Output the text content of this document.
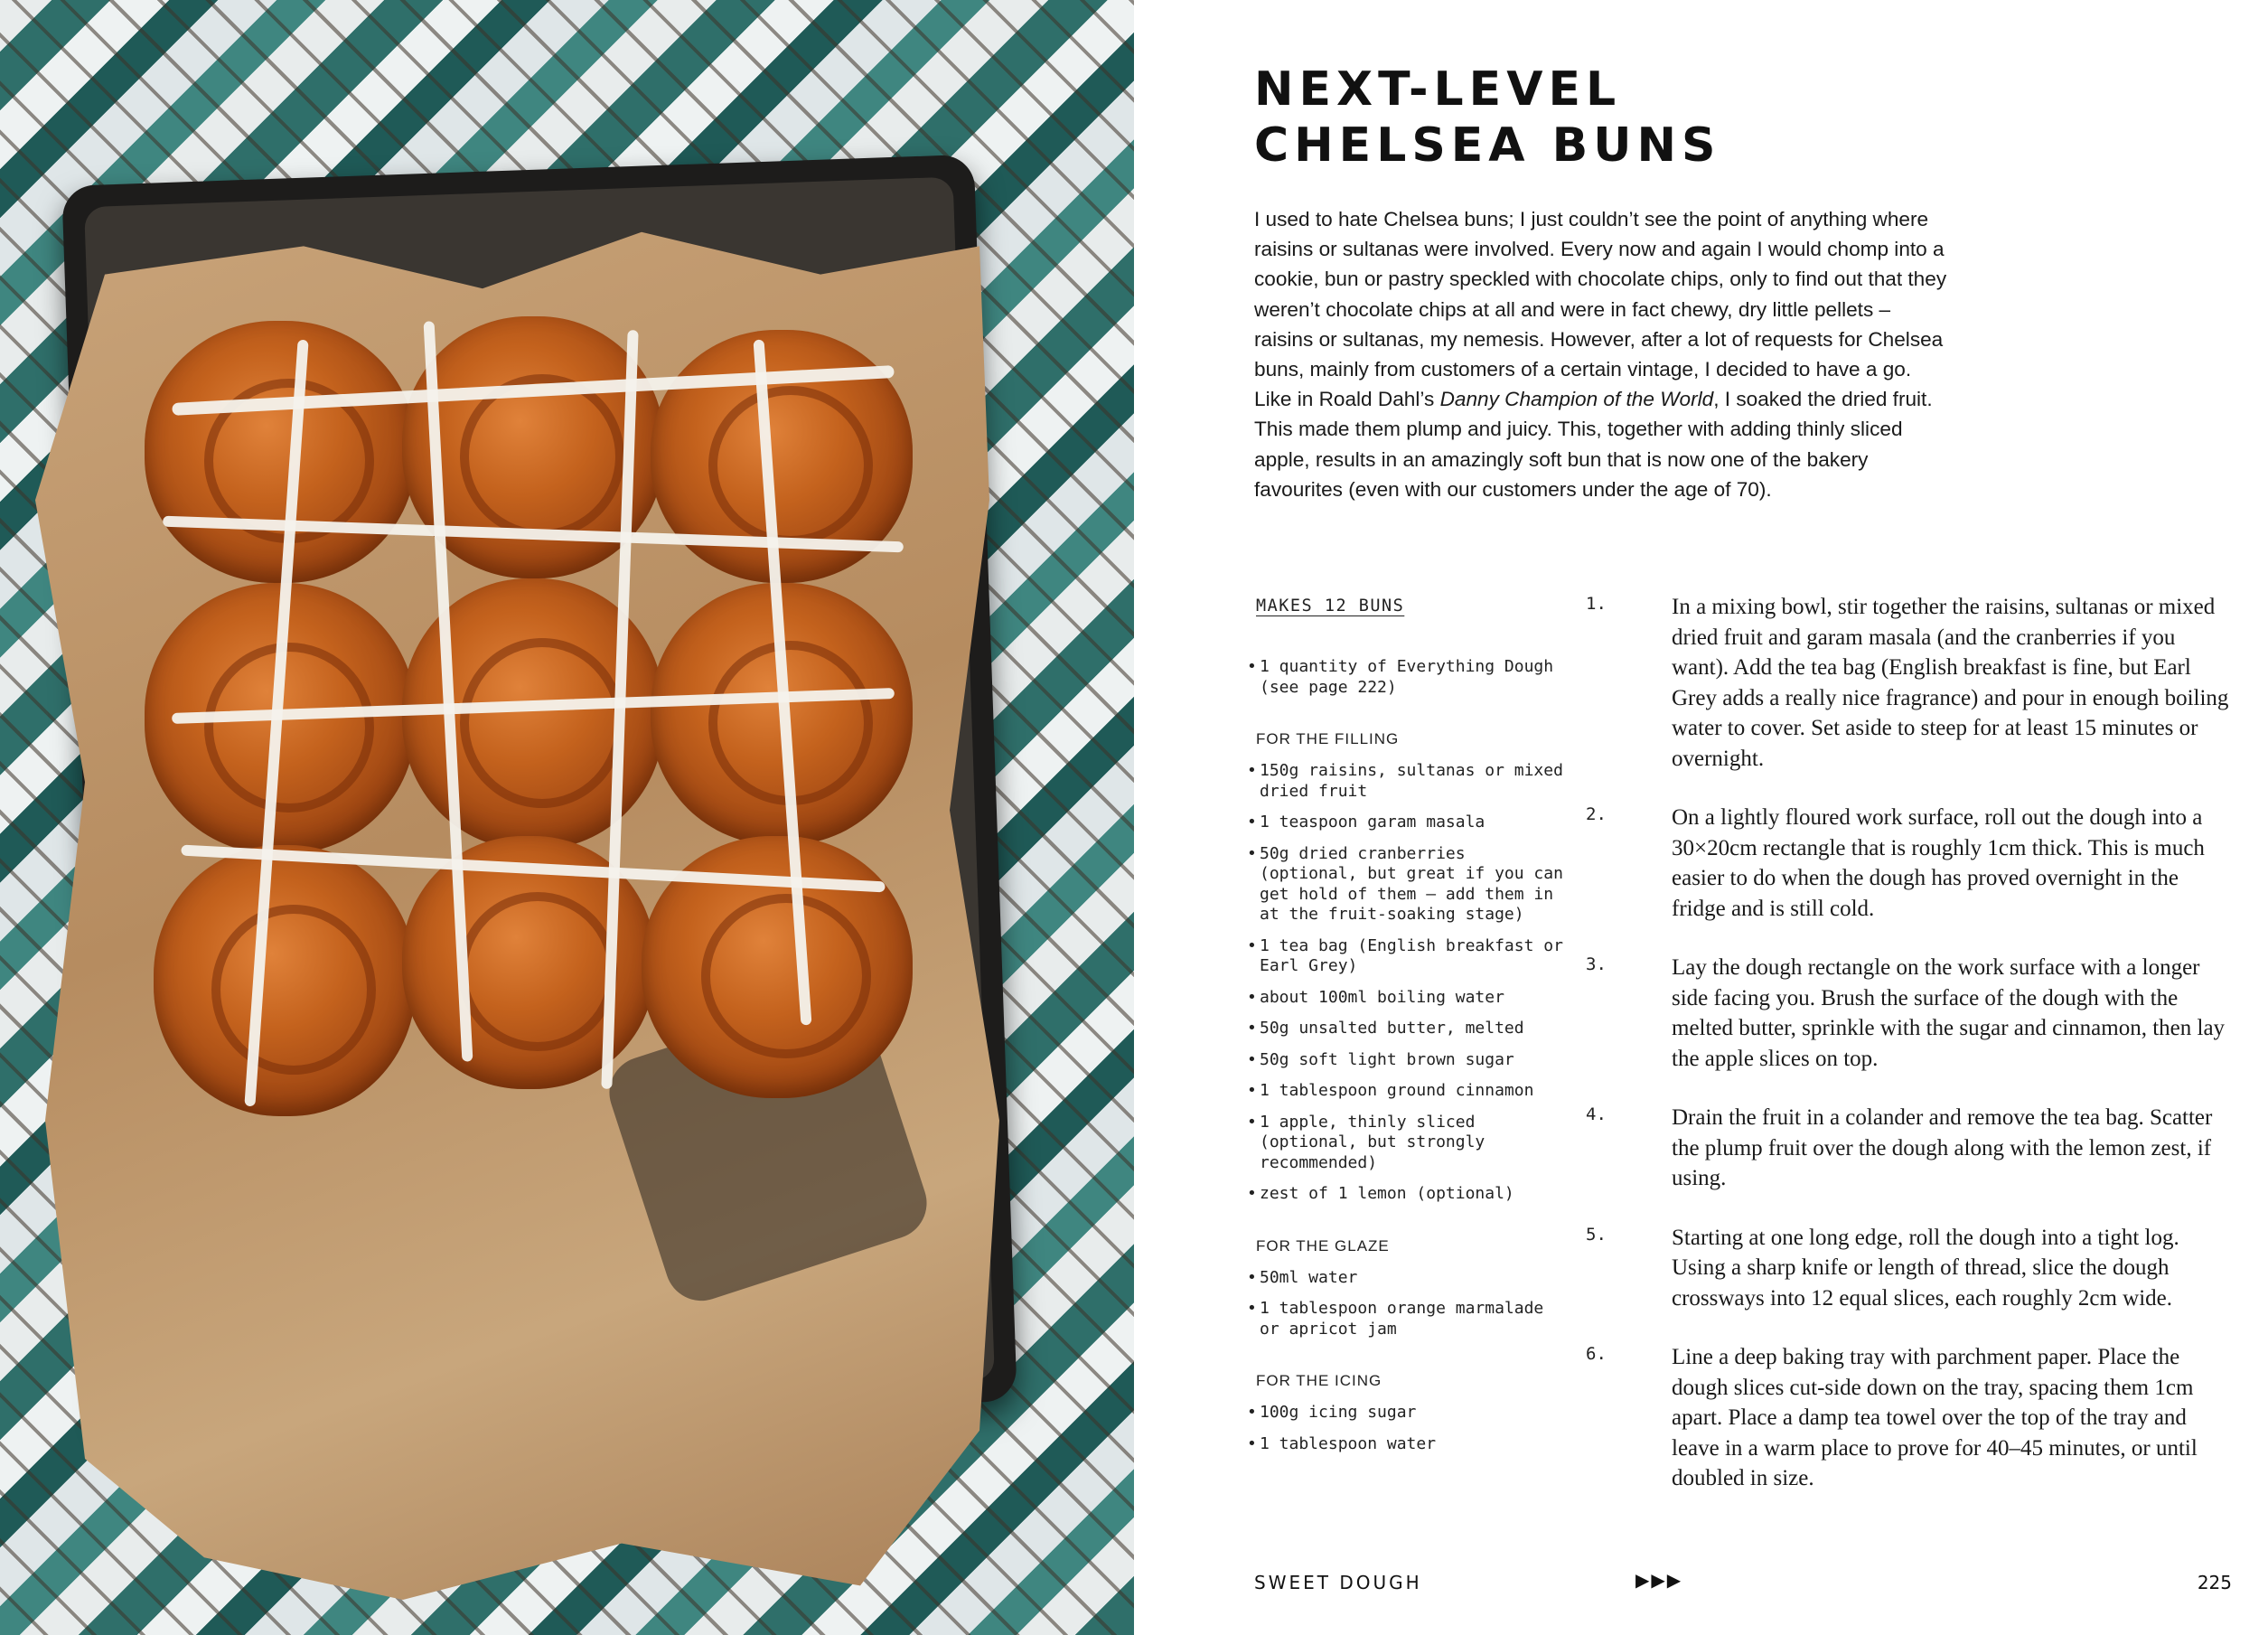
NEXT-LEVEL
CHELSEA BUNS

I used to hate Chelsea buns; I just couldn’t see the point of anything where raisins or sultanas were involved. Every now and again I would chomp into a cookie, bun or pastry speckled with chocolate chips, only to find out that they weren’t chocolate chips at all and were in fact chewy, dry little pellets – raisins or sultanas, my nemesis. However, after a lot of requests for Chelsea buns, mainly from customers of a certain vintage, I decided to have a go. Like in Roald Dahl’s Danny Champion of the World, I soaked the dried fruit. This made them plump and juicy. This, together with adding thinly sliced apple, results in an amazingly soft bun that is now one of the bakery favourites (even with our customers under the age of 70).

MAKES 12 BUNS
• 1 quantity of Everything Dough (see page 222)
FOR THE FILLING
• 150g raisins, sultanas or mixed dried fruit
• 1 teaspoon garam masala
• 50g dried cranberries (optional, but great if you can get hold of them – add them in at the fruit-soaking stage)
• 1 tea bag (English breakfast or Earl Grey)
• about 100ml boiling water
• 50g unsalted butter, melted
• 50g soft light brown sugar
• 1 tablespoon ground cinnamon
• 1 apple, thinly sliced (optional, but strongly recommended)
• zest of 1 lemon (optional)
FOR THE GLAZE
• 50ml water
• 1 tablespoon orange marmalade or apricot jam
FOR THE ICING
• 100g icing sugar
• 1 tablespoon water
1.	In a mixing bowl, stir together the raisins, sultanas or mixed dried fruit and garam masala (and the cranberries if you want). Add the tea bag (English breakfast is fine, but Earl Grey adds a really nice fragrance) and pour in enough boiling water to cover. Set aside to steep for at least 15 minutes or overnight.
2.	On a lightly floured work surface, roll out the dough into a 30×20cm rectangle that is roughly 1cm thick. This is much easier to do when the dough has proved overnight in the fridge and is still cold.
3.	Lay the dough rectangle on the work surface with a longer side facing you. Brush the surface of the dough with the melted butter, sprinkle with the sugar and cinnamon, then lay the apple slices on top.
4.	Drain the fruit in a colander and remove the tea bag. Scatter the plump fruit over the dough along with the lemon zest, if using.
5.	Starting at one long edge, roll the dough into a tight log. Using a sharp knife or length of thread, slice the dough crossways into 12 equal slices, each roughly 2cm wide.
6.	Line a deep baking tray with parchment paper. Place the dough slices cut-side down on the tray, spacing them 1cm apart. Place a damp tea towel over the top of the tray and leave in a warm place to prove for 40–45 minutes, or until doubled in size.

SWEET DOUGH	▶▶▶	225
